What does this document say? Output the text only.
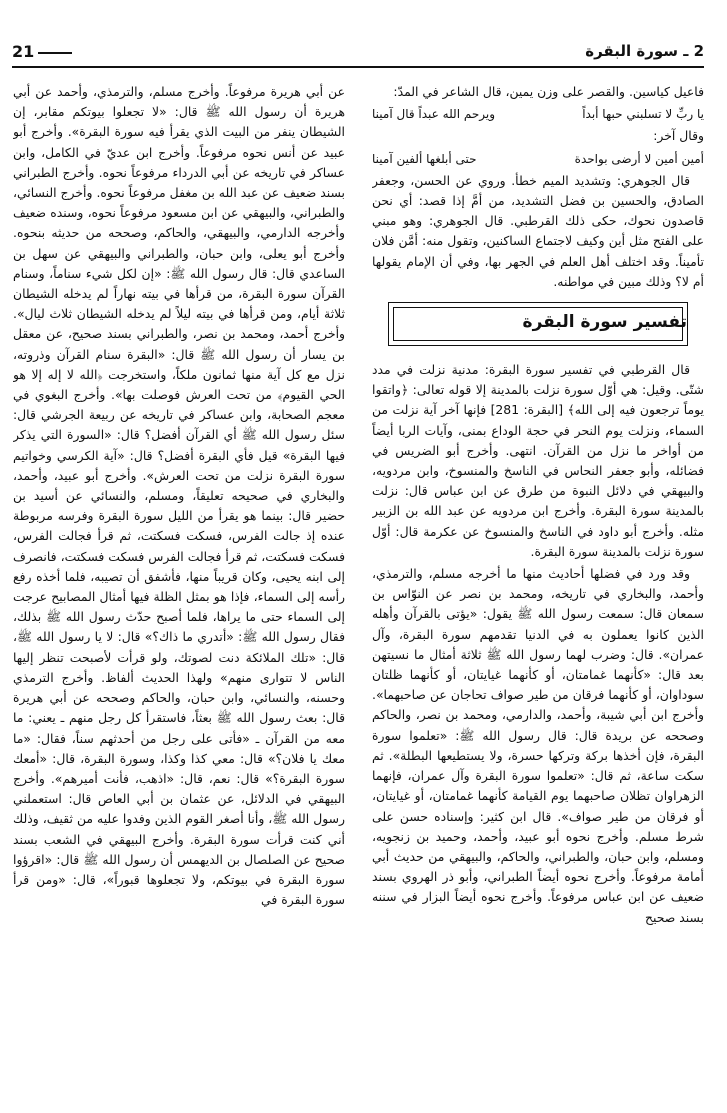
21	2 ـ سورة البقرة

فاعيل كياسين. والقصر على وزن يمين، قال الشاعر في المدّ:

يا ربِّ لا تسلبني حبها أبداً
ويرحم الله عبداً قال آمينا

وقال آخر:

أمين أمين لا أرضى بواحدة
حتى أبلغها ألفين آمينا

قال الجوهري: وتشديد الميم خطأ. وروي عن الحسن، وجعفر الصادق، والحسين بن فضل التشديد، من أمَّ إذا قصد: أي نحن قاصدون نحوك، حكى ذلك القرطبي. قال الجوهري: وهو مبني على الفتح مثل أين وكيف لاجتماع الساكنين، وتقول منه: أمَّن فلان تأميناً. وقد اختلف أهل العلم في الجهر بها، وفي أن الإمام يقولها أم لا؟ وذلك مبين في مواطنه.

تفسير سورة البقرة

قال القرطبي في تفسير سورة البقرة: مدنية نزلت في مدد شتّى. وقيل: هي أوّل سورة نزلت بالمدينة إلا قوله تعالى: ﴿واتقوا يوماً ترجعون فيه إلى الله﴾ [البقرة: 281] فإنها آخر آية نزلت من السماء، ونزلت يوم النحر في حجة الوداع بمنى، وآيات الربا أيضاً من أواخر ما نزل من القرآن. انتهى. وأخرج أبو الضريس في فضائله، وأبو جعفر النحاس في الناسخ والمنسوخ، وابن مردويه، والبيهقي في دلائل النبوة من طرق عن ابن عباس قال: نزلت بالمدينة سورة البقرة. وأخرج ابن مردويه عن عبد الله بن الزبير مثله. وأخرج أبو داود في الناسخ والمنسوخ عن عكرمة قال: أوّل سورة نزلت بالمدينة سورة البقرة.

وقد ورد في فضلها أحاديث منها ما أخرجه مسلم، والترمذي، وأحمد، والبخاري في تاريخه، ومحمد بن نصر عن النوّاس بن سمعان قال: سمعت رسول الله ﷺ يقول: «يؤتى بالقرآن وأهله الذين كانوا يعملون به في الدنيا تقدمهم سورة البقرة، وآل عمران». قال: وضرب لهما رسول الله ﷺ ثلاثة أمثال ما نسيتهن بعد قال: «كأنهما غمامتان، أو كأنهما غيايتان، أو كأنهما ظلتان سوداوان، أو كأنهما فرقان من طير صواف تحاجان عن صاحبهما». وأخرج ابن أبي شيبة، وأحمد، والدارمي، ومحمد بن نصر، والحاكم وصححه عن بريدة قال: قال رسول الله ﷺ: «تعلموا سورة البقرة، فإن أخذها بركة وتركها حسرة، ولا يستطيعها البطلة». ثم سكت ساعة، ثم قال: «تعلموا سورة البقرة وآل عمران، فإنهما الزهراوان تظلان صاحبهما يوم القيامة كأنهما غمامتان، أو غيايتان، أو فرقان من طير صواف». قال ابن كثير: وإسناده حسن على شرط مسلم. وأخرج نحوه أبو عبيد، وأحمد، وحميد بن زنجويه، ومسلم، وابن حبان، والطبراني، والحاكم، والبيهقي من حديث أبي أمامة مرفوعاً. وأخرج نحوه أيضاً الطبراني، وأبو ذر الهروي بسند ضعيف عن ابن عباس مرفوعاً. وأخرج نحوه أيضاً البزار في سننه بسند صحيح

عن أبي هريرة مرفوعاً. وأخرج مسلم، والترمذي، وأحمد عن أبي هريرة أن رسول الله ﷺ قال: «لا تجعلوا بيوتكم مقابر، إن الشيطان ينفر من البيت الذي يقرأ فيه سورة البقرة». وأخرج أبو عبيد عن أنس نحوه مرفوعاً. وأخرج ابن عديّ في الكامل، وابن عساكر في تاريخه عن أبي الدرداء مرفوعاً نحوه. وأخرج الطبراني بسند ضعيف عن عبد الله بن مغفل مرفوعاً نحوه. وأخرج النسائي، والطبراني، والبيهقي عن ابن مسعود مرفوعاً نحوه، وسنده ضعيف وأخرجه الدارمي، والبيهقي، والحاكم، وصححه من حديثه بنحوه. وأخرج أبو يعلى، وابن حبان، والطبراني والبيهقي عن سهل بن الساعدي قال: قال رسول الله ﷺ: «إن لكل شيء سناماً، وسنام القرآن سورة البقرة، من قرأها في بيته نهاراً لم يدخله الشيطان ثلاثة أيام، ومن قرأها في بيته ليلاً لم يدخله الشيطان ثلاث ليال». وأخرج أحمد، ومحمد بن نصر، والطبراني بسند صحيح، عن معقل بن يسار أن رسول الله ﷺ قال: «البقرة سنام القرآن وذروته، نزل مع كل آية منها ثمانون ملكاً، واستخرجت ﴿الله لا إله إلا هو الحي القيوم﴾ من تحت العرش فوصلت بها». وأخرج البغوي في معجم الصحابة، وابن عساكر في تاريخه عن ربيعة الجرشي قال: سئل رسول الله ﷺ أي القرآن أفضل؟ قال: «السورة التي يذكر فيها البقرة» قيل فأي البقرة أفضل؟ قال: «آية الكرسي وخواتيم سورة البقرة نزلت من تحت العرش». وأخرج أبو عبيد، وأحمد، والبخاري في صحيحه تعليقاً، ومسلم، والنسائي عن أسيد بن حضير قال: بينما هو يقرأ من الليل سورة البقرة وفرسه مربوطة عنده إذ جالت الفرس، فسكت فسكتت، ثم قرأ فجالت الفرس، فسكت فسكتت، ثم قرأ فجالت الفرس فسكت فسكتت، فانصرف إلى ابنه يحيى، وكان قريباً منها، فأشفق أن تصيبه، فلما أخذه رفع رأسه إلى السماء، فإذا هو بمثل الظلة فيها أمثال المصابيح عرجت إلى السماء حتى ما يراها، فلما أصبح حدّث رسول الله ﷺ بذلك، فقال رسول الله ﷺ: «أتدري ما ذاك؟» قال: لا يا رسول الله ﷺ، قال: «تلك الملائكة دنت لصوتك، ولو قرأت لأصبحت تنظر إليها الناس لا تتوارى منهم» ولهذا الحديث ألفاظ. وأخرج الترمذي وحسنه، والنسائي، وابن حبان، والحاكم وصححه عن أبي هريرة قال: بعث رسول الله ﷺ بعثاً، فاستقرأ كل رجل منهم ـ يعني: ما معه من القرآن ـ «فأتى على رجل من أحدثهم سناً، فقال: «ما معك يا فلان؟» قال: معي كذا وكذا، وسورة البقرة، قال: «أمعك سورة البقرة؟» قال: نعم، قال: «اذهب، فأنت أميرهم». وأخرج البيهقي في الدلائل، عن عثمان بن أبي العاص قال: استعملني رسول الله ﷺ، وأنا أصغر القوم الذين وفدوا عليه من ثقيف، وذلك أني كنت قرأت سورة البقرة. وأخرج البيهقي في الشعب بسند صحيح عن الصلصال بن الديهمس أن رسول الله ﷺ قال: «اقرؤوا سورة البقرة في بيوتكم، ولا تجعلوها قبوراً»، قال: «ومن قرأ سورة البقرة في
